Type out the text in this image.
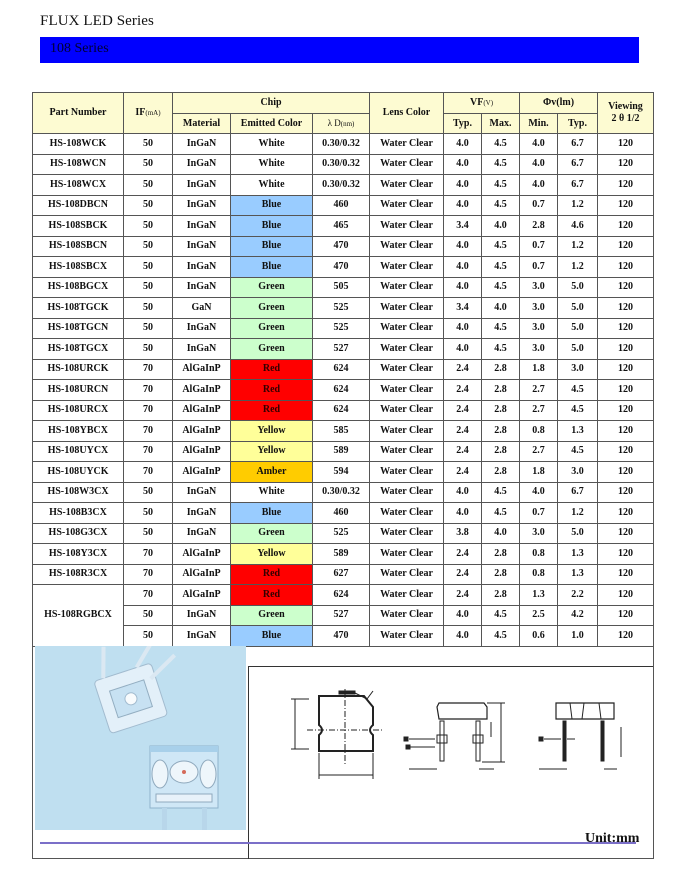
FLUX LED Series
108 Series
Part Number	IF(mA)	Chip			Lens Color	VF(V)		Φv(lm)		Viewing
2 θ 1/2

		Material	Emitted Color	λ D(nm)		Typ.	Max.	Min.	Typ.	
HS-108WCK	50	InGaN	White	0.30/0.32	Water Clear	4.0	4.5	4.0	6.7	120
HS-108WCN	50	InGaN	White	0.30/0.32	Water Clear	4.0	4.5	4.0	6.7	120
HS-108WCX	50	InGaN	White	0.30/0.32	Water Clear	4.0	4.5	4.0	6.7	120
HS-108DBCN	50	InGaN	Blue	460	Water Clear	4.0	4.5	0.7	1.2	120
HS-108SBCK	50	InGaN	Blue	465	Water Clear	3.4	4.0	2.8	4.6	120
HS-108SBCN	50	InGaN	Blue	470	Water Clear	4.0	4.5	0.7	1.2	120
HS-108SBCX	50	InGaN	Blue	470	Water Clear	4.0	4.5	0.7	1.2	120
HS-108BGCX	50	InGaN	Green	505	Water Clear	4.0	4.5	3.0	5.0	120
HS-108TGCK	50	GaN	Green	525	Water Clear	3.4	4.0	3.0	5.0	120
HS-108TGCN	50	InGaN	Green	525	Water Clear	4.0	4.5	3.0	5.0	120
HS-108TGCX	50	InGaN	Green	527	Water Clear	4.0	4.5	3.0	5.0	120
HS-108URCK	70	AlGaInP	Red	624	Water Clear	2.4	2.8	1.8	3.0	120
HS-108URCN	70	AlGaInP	Red	624	Water Clear	2.4	2.8	2.7	4.5	120
HS-108URCX	70	AlGaInP	Red	624	Water Clear	2.4	2.8	2.7	4.5	120
HS-108YBCX	70	AlGaInP	Yellow	585	Water Clear	2.4	2.8	0.8	1.3	120
HS-108UYCX	70	AlGaInP	Yellow	589	Water Clear	2.4	2.8	2.7	4.5	120
HS-108UYCK	70	AlGaInP	Amber	594	Water Clear	2.4	2.8	1.8	3.0	120
HS-108W3CX	50	InGaN	White	0.30/0.32	Water Clear	4.0	4.5	4.0	6.7	120
HS-108B3CX	50	InGaN	Blue	460	Water Clear	4.0	4.5	0.7	1.2	120
HS-108G3CX	50	InGaN	Green	525	Water Clear	3.8	4.0	3.0	5.0	120
HS-108Y3CX	70	AlGaInP	Yellow	589	Water Clear	2.4	2.8	0.8	1.3	120
HS-108R3CX	70	AlGaInP	Red	627	Water Clear	2.4	2.8	0.8	1.3	120
HS-108RGBCX	70	AlGaInP	Red	624	Water Clear	2.4	2.8	1.3	2.2	120
	50	InGaN	Green	527	Water Clear	4.0	4.5	2.5	4.2	120
	50	InGaN	Blue	470	Water Clear	4.0	4.5	0.6	1.0	120
Unit:mm
